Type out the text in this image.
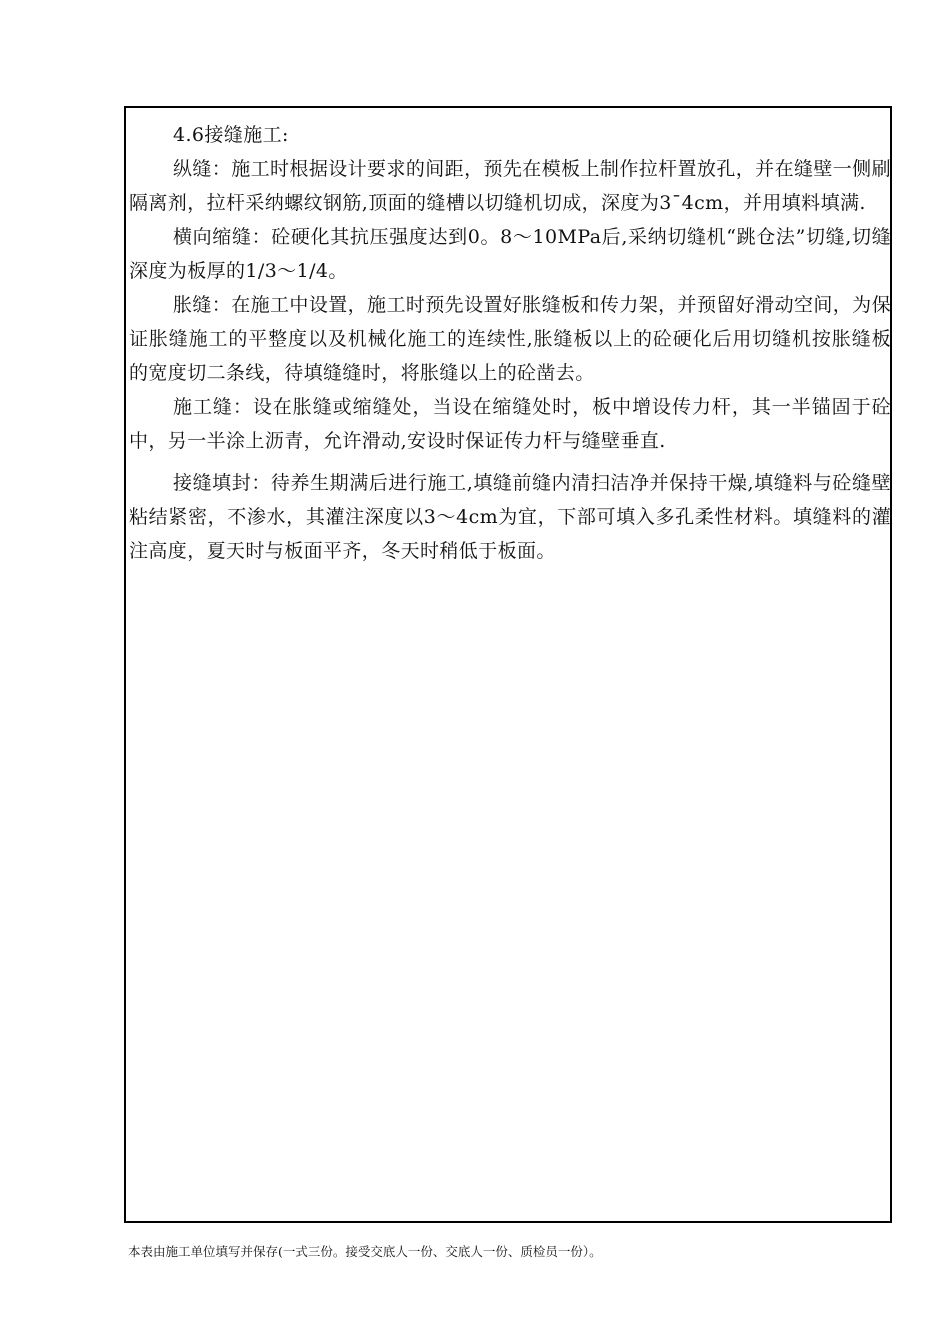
4.6接缝施工:

纵缝：施工时根据设计要求的间距，预先在模板上制作拉杆置放孔，并在缝壁一侧刷隔离剂，拉杆采纳螺纹钢筋,顶面的缝槽以切缝机切成，深度为3¯4cm，并用填料填满.

横向缩缝：砼硬化其抗压强度达到0。8～10MPa后,采纳切缝机“跳仓法”切缝,切缝深度为板厚的1/3～1/4。

胀缝：在施工中设置，施工时预先设置好胀缝板和传力架，并预留好滑动空间，为保证胀缝施工的平整度以及机械化施工的连续性,胀缝板以上的砼硬化后用切缝机按胀缝板的宽度切二条线，待填缝缝时，将胀缝以上的砼凿去。

施工缝：设在胀缝或缩缝处，当设在缩缝处时，板中增设传力杆，其一半锚固于砼中，另一半涂上沥青，允许滑动,安设时保证传力杆与缝壁垂直.

接缝填封：待养生期满后进行施工,填缝前缝内清扫洁净并保持干燥,填缝料与砼缝壁粘结紧密，不渗水，其灌注深度以3～4cm为宜，下部可填入多孔柔性材料。填缝料的灌注高度，夏天时与板面平齐，冬天时稍低于板面。

本表由施工单位填写并保存(一式三份。接受交底人一份、交底人一份、质检员一份）。
